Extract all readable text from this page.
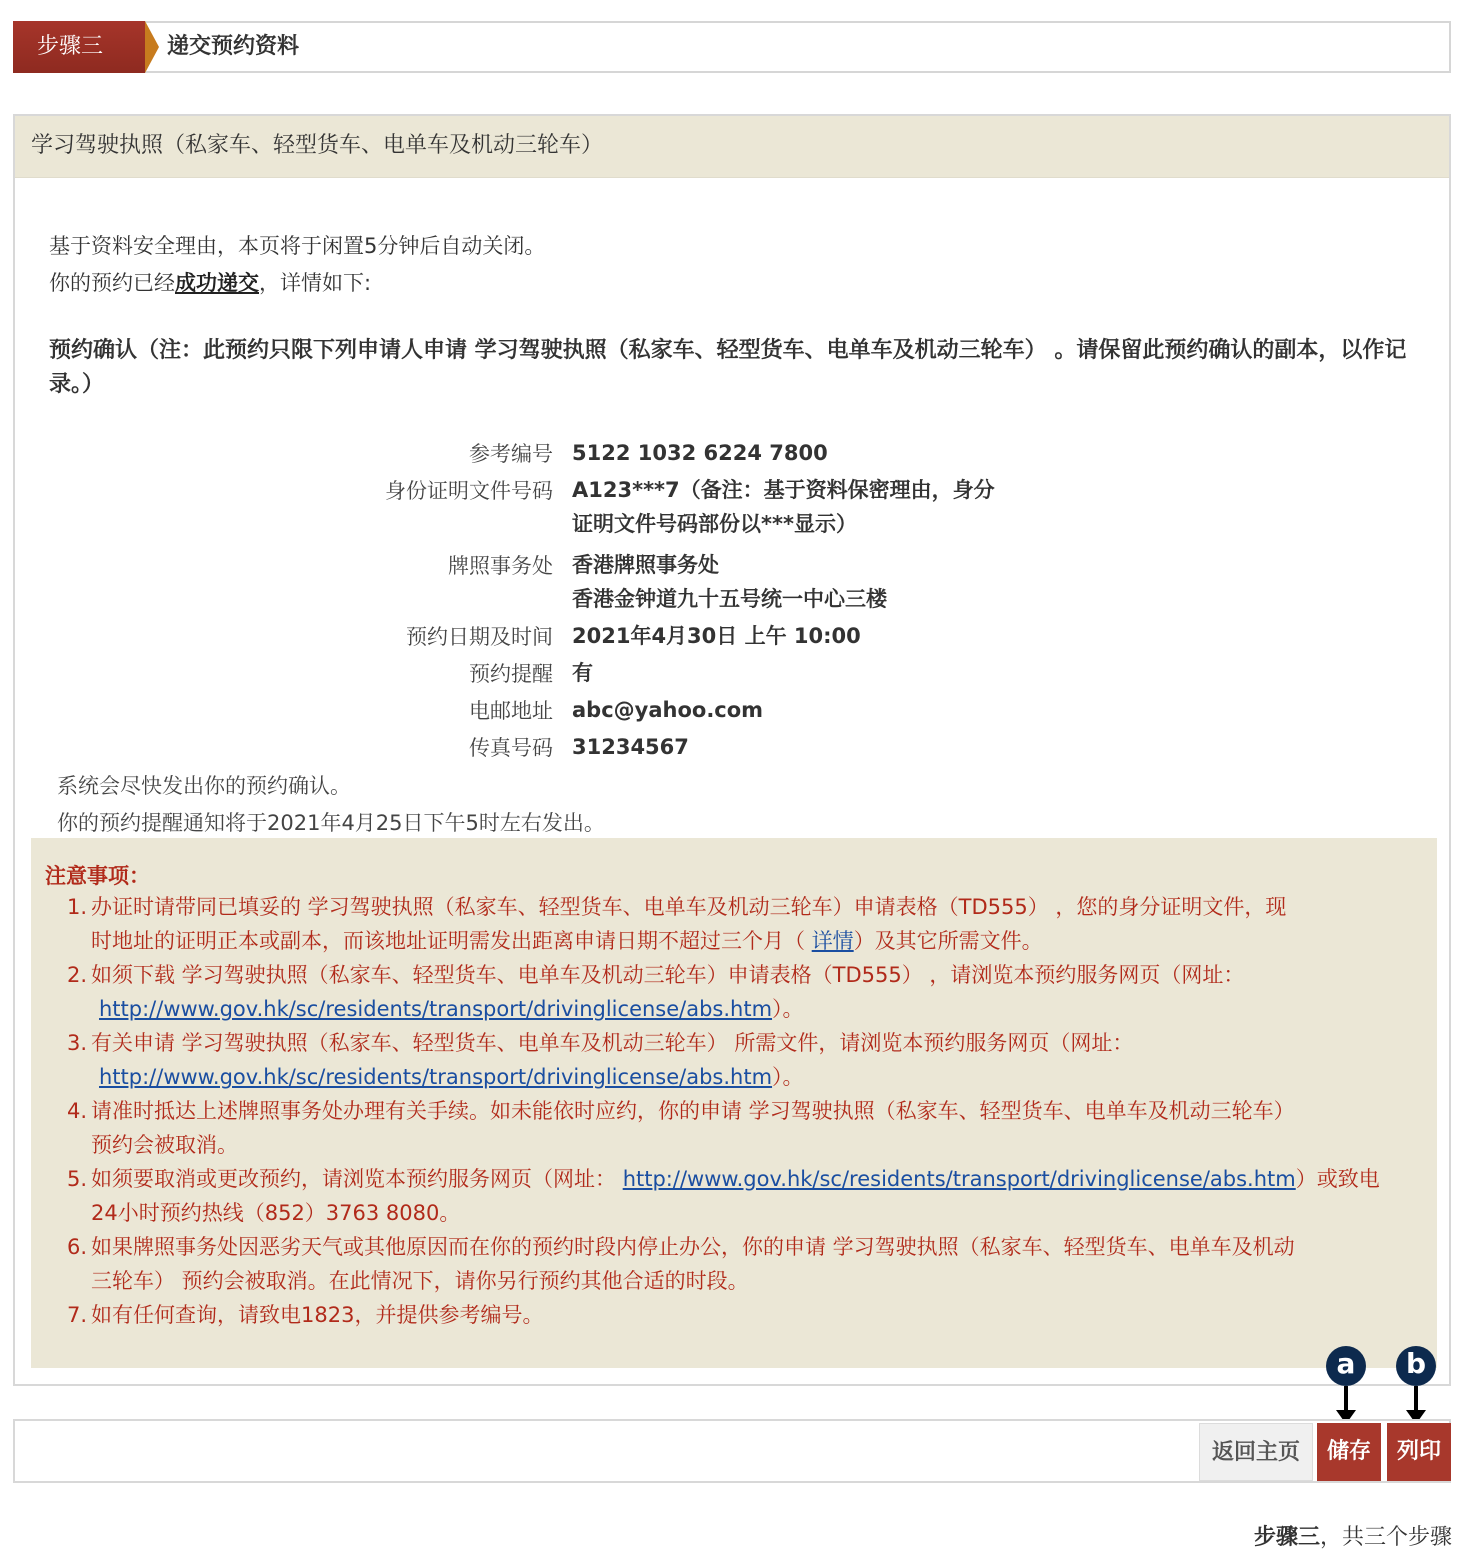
步骤三	递交预约资料
学习驾驶执照（私家车、轻型货车、电单车及机动三轮车）
基于资料安全理由，本页将于闲置5分钟后自动关闭。
你的预约已经成功递交，详情如下:
预约确认（注：此预约只限下列申请人申请 学习驾驶执照（私家车、轻型货车、电单车及机动三轮车） 。请保留此预约确认的副本，以作记录。）
参考编号 5122 1032 6224 7800
身份证明文件号码 A123***7（备注：基于资料保密理由，身分
证明文件号码部份以***显示）
牌照事务处 香港牌照事务处
香港金钟道九十五号统一中心三楼
预约日期及时间 2021年4月30日 上午 10:00
预约提醒 有
电邮地址 abc@yahoo.com
传真号码 31234567
系统会尽快发出你的预约确认。
你的预约提醒通知将于2021年4月25日下午5时左右发出。
注意事项：
1. 办证时请带同已填妥的 学习驾驶执照（私家车、轻型货车、电单车及机动三轮车）申请表格（TD555） ，您的身分证明文件，现
时地址的证明正本或副本，而该地址证明需发出距离申请日期不超过三个月（ 详情）及其它所需文件。
2. 如须下载 学习驾驶执照（私家车、轻型货车、电单车及机动三轮车）申请表格（TD555） ，请浏览本预约服务网页（网址：
http://www.gov.hk/sc/residents/transport/drivinglicense/abs.htm）。
3. 有关申请 学习驾驶执照（私家车、轻型货车、电单车及机动三轮车） 所需文件，请浏览本预约服务网页（网址：
http://www.gov.hk/sc/residents/transport/drivinglicense/abs.htm）。
4. 请准时抵达上述牌照事务处办理有关手续。如未能依时应约，你的申请 学习驾驶执照（私家车、轻型货车、电单车及机动三轮车）
预约会被取消。
5. 如须要取消或更改预约，请浏览本预约服务网页（网址： http://www.gov.hk/sc/residents/transport/drivinglicense/abs.htm）或致电
24小时预约热线（852）3763 8080。
6. 如果牌照事务处因恶劣天气或其他原因而在你的预约时段内停止办公，你的申请 学习驾驶执照（私家车、轻型货车、电单车及机动
三轮车） 预约会被取消。在此情况下，请你另行预约其他合适的时段。
7. 如有任何查询，请致电1823，并提供参考编号。
a	b
返回主页	储存	列印
步骤三，共三个步骤
